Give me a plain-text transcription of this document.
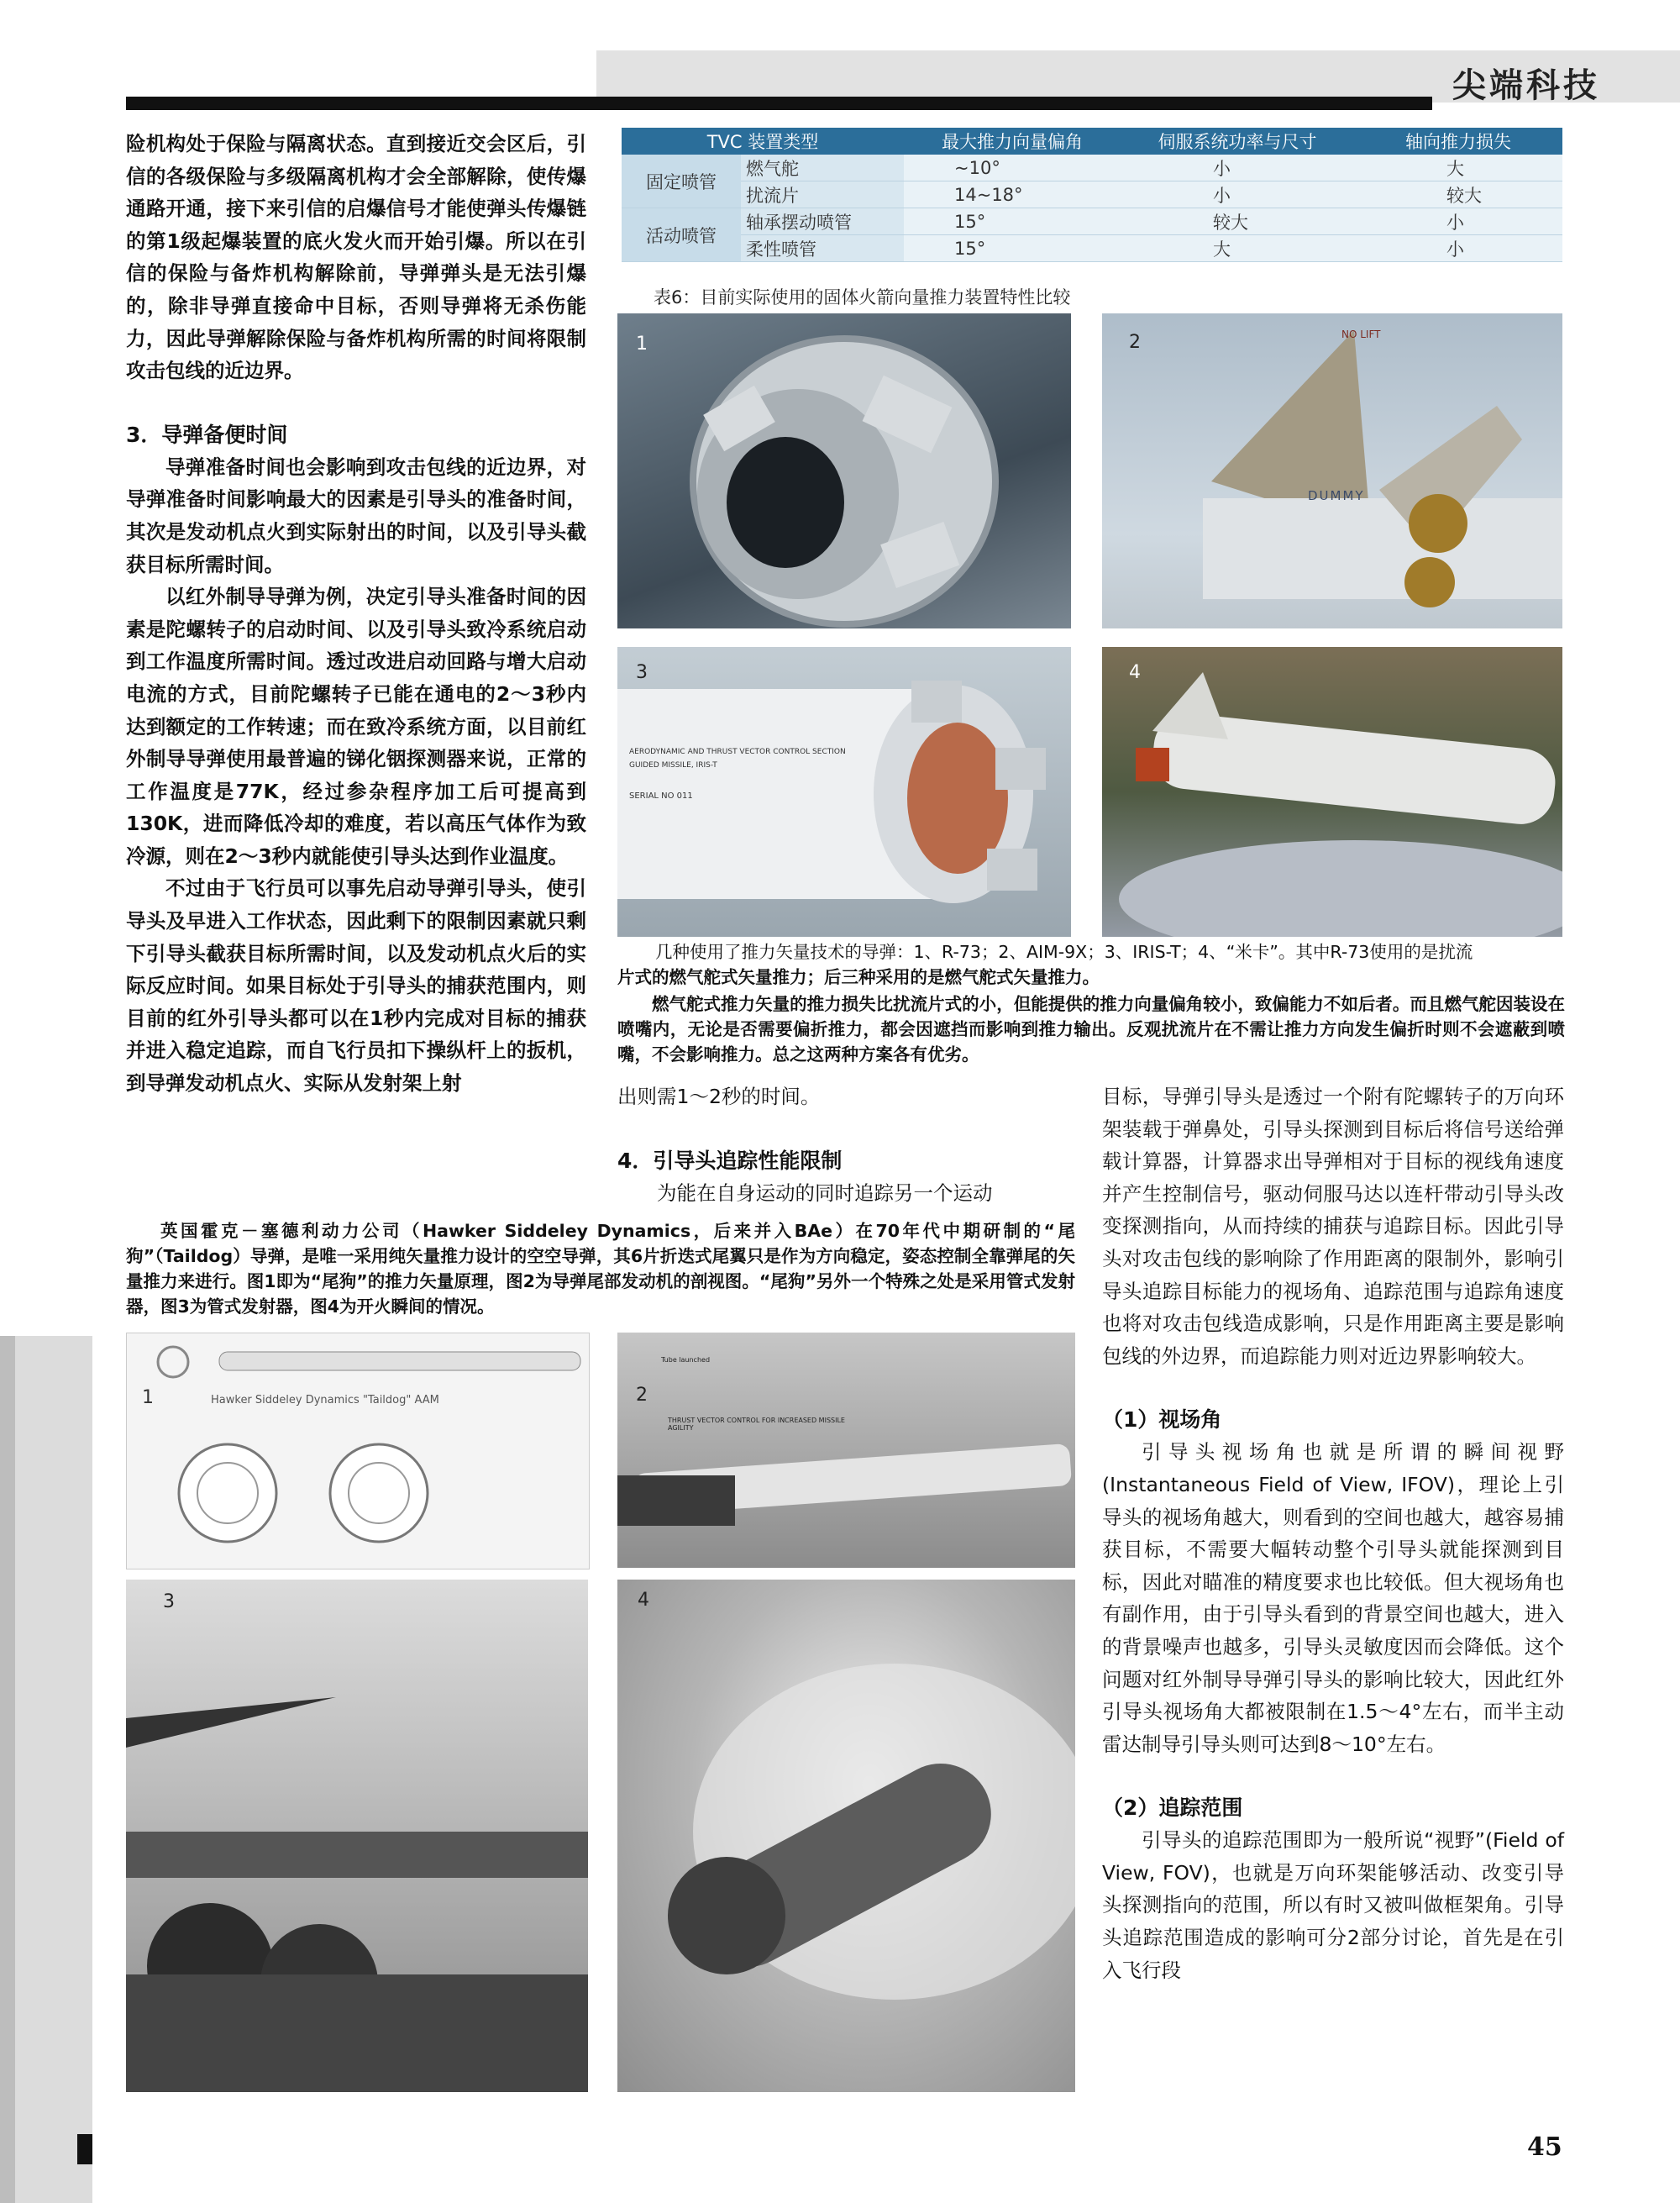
尖端科技

险机构处于保险与隔离状态。直到接近交会区后，引信的各级保险与多级隔离机构才会全部解除，使传爆通路开通，接下来引信的启爆信号才能使弹头传爆链的第1级起爆装置的底火发火而开始引爆。所以在引信的保险与备炸机构解除前，导弹弹头是无法引爆的，除非导弹直接命中目标，否则导弹将无杀伤能力，因此导弹解除保险与备炸机构所需的时间将限制攻击包线的近边界。

3．导弹备便时间

导弹准备时间也会影响到攻击包线的近边界，对导弹准备时间影响最大的因素是引导头的准备时间，其次是发动机点火到实际射出的时间，以及引导头截获目标所需时间。

以红外制导导弹为例，决定引导头准备时间的因素是陀螺转子的启动时间、以及引导头致冷系统启动到工作温度所需时间。透过改进启动回路与增大启动电流的方式，目前陀螺转子已能在通电的2～3秒内达到额定的工作转速；而在致冷系统方面，以目前红外制导导弹使用最普遍的锑化铟探测器来说，正常的工作温度是77K，经过参杂程序加工后可提高到130K，进而降低冷却的难度，若以高压气体作为致冷源，则在2～3秒内就能使引导头达到作业温度。

不过由于飞行员可以事先启动导弹引导头，使引导头及早进入工作状态，因此剩下的限制因素就只剩下引导头截获目标所需时间，以及发动机点火后的实际反应时间。如果目标处于引导头的捕获范围内，则目前的红外引导头都可以在1秒内完成对目标的捕获并进入稳定追踪，而自飞行员扣下操纵杆上的扳机，到导弹发动机点火、实际从发射架上射

TVC 装置类型		最大推力向量偏角	伺服系统功率与尺寸	轴向推力损失
固定喷管	燃气舵	~10°	小	大
	扰流片	14~18°	小	较大
活动喷管	轴承摆动喷管	15°	较大	小
	柔性喷管	15°	大	小
表6：目前实际使用的固体火箭向量推力装置特性比较
1	2	NO LIFT
DUMMY
3
AERODYNAMIC AND THRUST VECTOR CONTROL SECTION
GUIDED MISSILE, IRIS-T
SERIAL NO 011
4
几种使用了推力矢量技术的导弹：1、R-73；2、AIM-9X；3、IRIS-T；4、“米卡”。其中R-73使用的是扰流
片式的燃气舵式矢量推力；后三种采用的是燃气舵式矢量推力。
燃气舵式推力矢量的推力损失比扰流片式的小，但能提供的推力向量偏角较小，致偏能力不如后者。而且燃气舵因装设在喷嘴内，无论是否需要偏折推力，都会因遮挡而影响到推力输出。反观扰流片在不需让推力方向发生偏折时则不会遮蔽到喷嘴，不会影响推力。总之这两种方案各有优劣。

出则需1～2秒的时间。

4．引导头追踪性能限制

为能在自身运动的同时追踪另一个运动

目标，导弹引导头是透过一个附有陀螺转子的万向环架装载于弹鼻处，引导头探测到目标后将信号送给弹载计算器，计算器求出导弹相对于目标的视线角速度并产生控制信号，驱动伺服马达以连杆带动引导头改变探测指向，从而持续的捕获与追踪目标。因此引导头对攻击包线的影响除了作用距离的限制外，影响引导头追踪目标能力的视场角、追踪范围与追踪角速度也将对攻击包线造成影响，只是作用距离主要是影响包线的外边界，而追踪能力则对近边界影响较大。

（1）视场角

引导头视场角也就是所谓的瞬间视野(Instantaneous Field of View, IFOV)，理论上引导头的视场角越大，则看到的空间也越大，越容易捕获目标，不需要大幅转动整个引导头就能探测到目标，因此对瞄准的精度要求也比较低。但大视场角也有副作用，由于引导头看到的背景空间也越大，进入的背景噪声也越多，引导头灵敏度因而会降低。这个问题对红外制导导弹引导头的影响比较大，因此红外引导头视场角大都被限制在1.5～4°左右，而半主动雷达制导引导头则可达到8～10°左右。

（2）追踪范围

引导头的追踪范围即为一般所说“视野”(Field of View, FOV)，也就是万向环架能够活动、改变引导头探测指向的范围，所以有时又被叫做框架角。引导头追踪范围造成的影响可分2部分讨论，首先是在引入飞行段

英国霍克－塞德利动力公司（Hawker Siddeley Dynamics，后来并入BAe）在70年代中期研制的“尾狗”（Taildog）导弹，是唯一采用纯矢量推力设计的空空导弹，其6片折迭式尾翼只是作为方向稳定，姿态控制全靠弹尾的矢量推力来进行。图1即为“尾狗”的推力矢量原理，图2为导弹尾部发动机的剖视图。“尾狗”另外一个特殊之处是采用管式发射器，图3为管式发射器，图4为开火瞬间的情况。
1	Hawker Siddeley Dynamics "Taildog" AAM	2
THRUST VECTOR CONTROL FOR INCREASED MISSILE AGILITY
Tube launched
3	4
45
